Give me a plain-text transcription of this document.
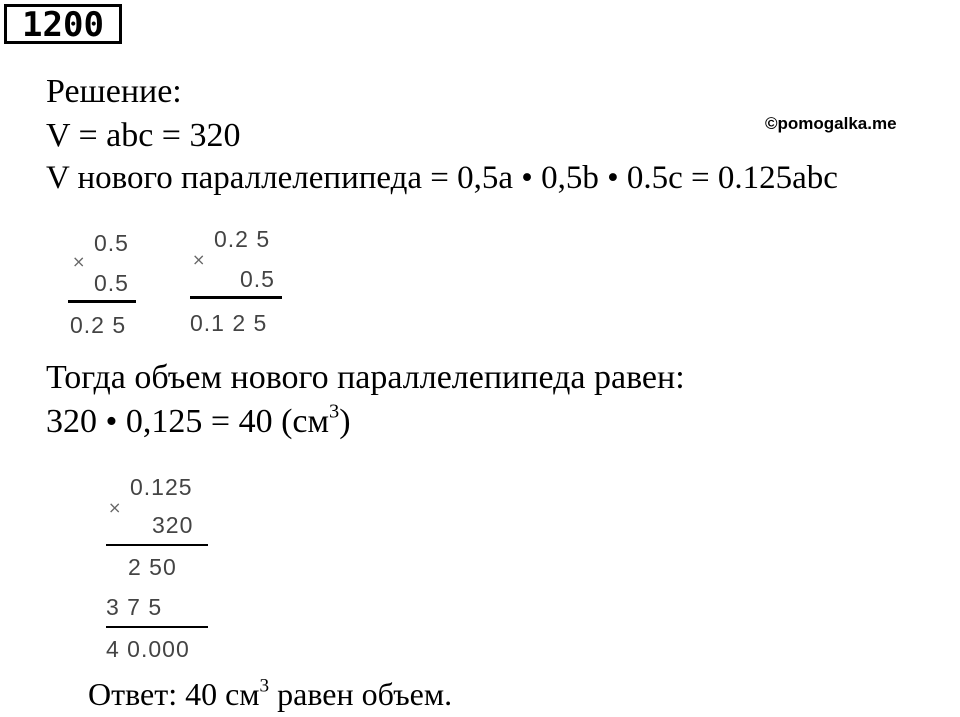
1200
Решение:
V = abc = 320	©pomogalka.me
V нового параллелепипеда = 0,5a • 0,5b • 0.5c = 0.125abc
×
0.5
0.5
0.2 5
×
0.2 5
0.5
0.1 2 5
Тогда объем нового параллелепипеда равен:
320 • 0,125 = 40 $(см^3)$
×
0.125
320
2 50
3 7 5
4 0.000
Ответ: 40 $см^3$ равен объем.
